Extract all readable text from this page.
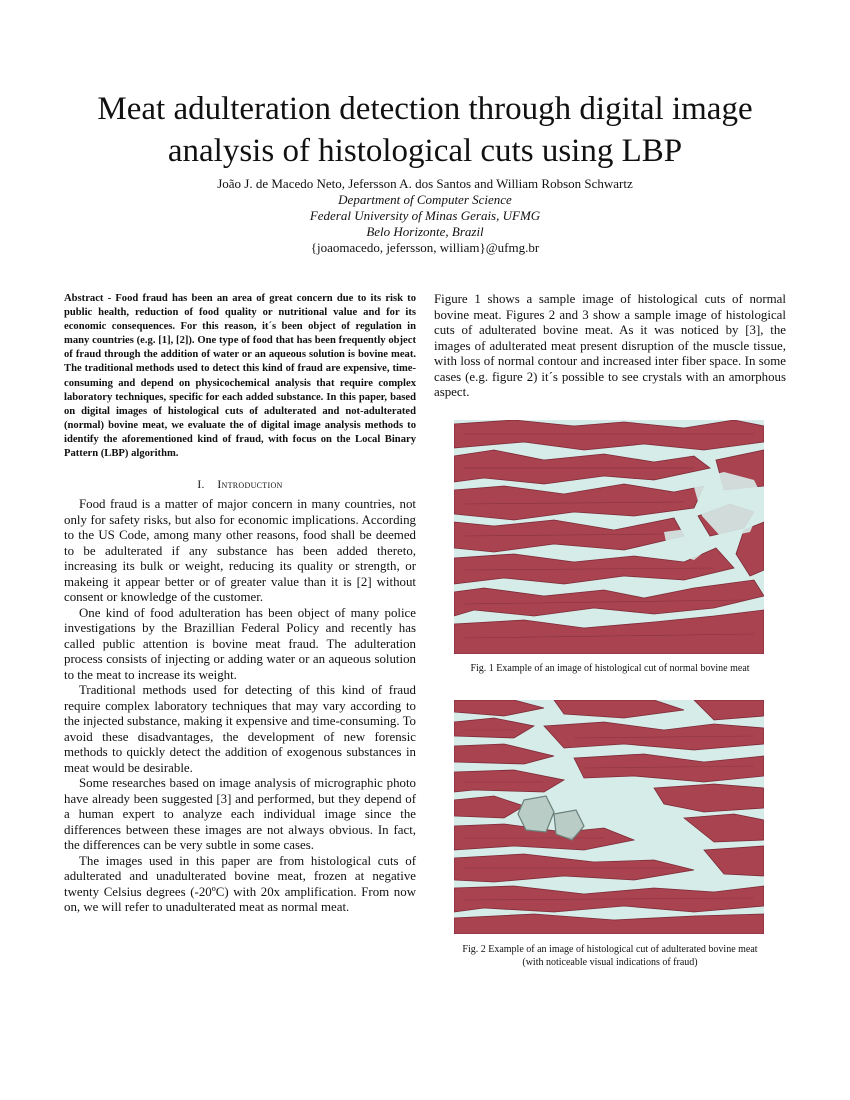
Meat adulteration detection through digital image analysis of histological cuts using LBP
João J. de Macedo Neto, Jefersson A. dos Santos and William Robson Schwartz
Department of Computer Science
Federal University of Minas Gerais, UFMG
Belo Horizonte, Brazil
{joaomacedo, jefersson, william}@ufmg.br

Abstract - Food fraud has been an area of great concern due to its risk to public health, reduction of food quality or nutritional value and for its economic consequences. For this reason, it´s been object of regulation in many countries (e.g. [1], [2]). One type of food that has been frequently object of fraud through the addition of water or an aqueous solution is bovine meat. The traditional methods used to detect this kind of fraud are expensive, time-consuming and depend on physicochemical analysis that require complex laboratory techniques, specific for each added substance. In this paper, based on digital images of histological cuts of adulterated and not-adulterated (normal) bovine meat, we evaluate the of digital image analysis methods to identify the aforementioned kind of fraud, with focus on the Local Binary Pattern (LBP) algorithm.

I. Introduction

Food fraud is a matter of major concern in many countries, not only for safety risks, but also for economic implications. According to the US Code, among many other reasons, food shall be deemed to be adulterated if any substance has been added thereto, increasing its bulk or weight, reducing its quality or strength, or makeing it appear better or of greater value than it is [2] without consent or knowledge of the customer.

One kind of food adulteration has been object of many police investigations by the Brazillian Federal Policy and recently has called public attention is bovine meat fraud. The adulteration process consists of injecting or adding water or an aqueous solution to the meat to increase its weight.

Traditional methods used for detecting of this kind of fraud require complex laboratory techniques that may vary according to the injected substance, making it expensive and time-consuming. To avoid these disadvantages, the development of new forensic methods to quickly detect the addition of exogenous substances in meat would be desirable.

Some researches based on image analysis of micrographic photo have already been suggested [3] and performed, but they depend of a human expert to analyze each individual image since the differences between these images are not always obvious. In fact, the differences can be very subtle in some cases.

The images used in this paper are from histological cuts of adulterated and unadulterated bovine meat, frozen at negative twenty Celsius degrees (-20ºC) with 20x amplification. From now on, we will refer to unadulterated meat as normal meat.

Figure 1 shows a sample image of histological cuts of normal bovine meat. Figures 2 and 3 show a sample image of histological cuts of adulterated bovine meat. As it was noticed by [3], the images of adulterated meat present disruption of the muscle tissue, with loss of normal contour and increased inter fiber space. In some cases (e.g. figure 2) it´s possible to see crystals with an amorphous aspect.

Fig. 1 Example of an image of histological cut of normal bovine meat
Fig. 2 Example of an image of histological cut of adulterated bovine meat
(with noticeable visual indications of fraud)
